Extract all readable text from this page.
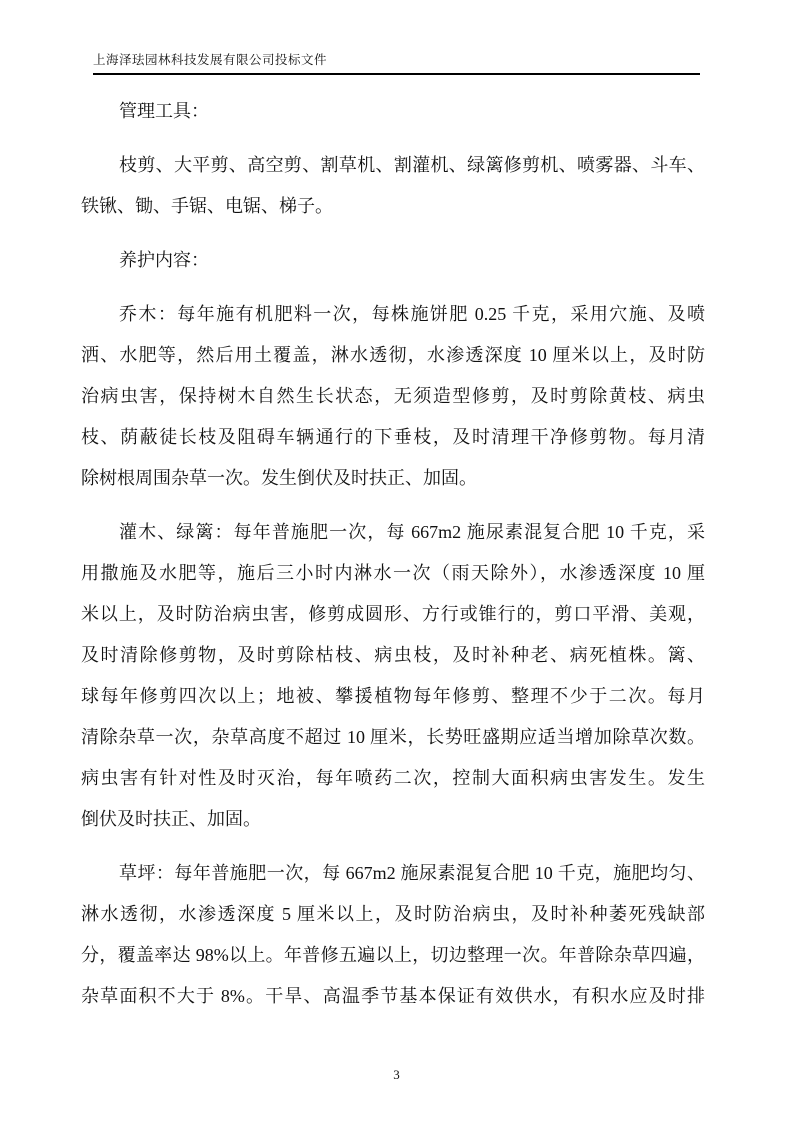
上海泽珐园林科技发展有限公司投标文件
管理工具：
枝剪、大平剪、高空剪、割草机、割灌机、绿篱修剪机、喷雾器、斗车、
铁锹、锄、手锯、电锯、梯子。
养护内容：
乔木：每年施有机肥料一次，每株施饼肥 0.25 千克，采用穴施、及喷
洒、水肥等，然后用土覆盖，淋水透彻，水渗透深度 10 厘米以上，及时防
治病虫害，保持树木自然生长状态，无须造型修剪，及时剪除黄枝、病虫
枝、荫蔽徒长枝及阻碍车辆通行的下垂枝，及时清理干净修剪物。每月清
除树根周围杂草一次。发生倒伏及时扶正、加固。
灌木、绿篱：每年普施肥一次，每 667m2 施尿素混复合肥 10 千克，采
用撒施及水肥等，施后三小时内淋水一次（雨天除外），水渗透深度 10 厘
米以上，及时防治病虫害，修剪成圆形、方行或锥行的，剪口平滑、美观，
及时清除修剪物，及时剪除枯枝、病虫枝，及时补种老、病死植株。篱、
球每年修剪四次以上；地被、攀援植物每年修剪、整理不少于二次。每月
清除杂草一次，杂草高度不超过 10 厘米，长势旺盛期应适当增加除草次数。
病虫害有针对性及时灭治，每年喷药二次，控制大面积病虫害发生。发生
倒伏及时扶正、加固。
草坪：每年普施肥一次，每 667m2 施尿素混复合肥 10 千克，施肥均匀、
淋水透彻，水渗透深度 5 厘米以上，及时防治病虫，及时补种萎死残缺部
分，覆盖率达 98%以上。年普修五遍以上，切边整理一次。年普除杂草四遍，
杂草面积不大于 8%。干旱、高温季节基本保证有效供水，有积水应及时排
3
